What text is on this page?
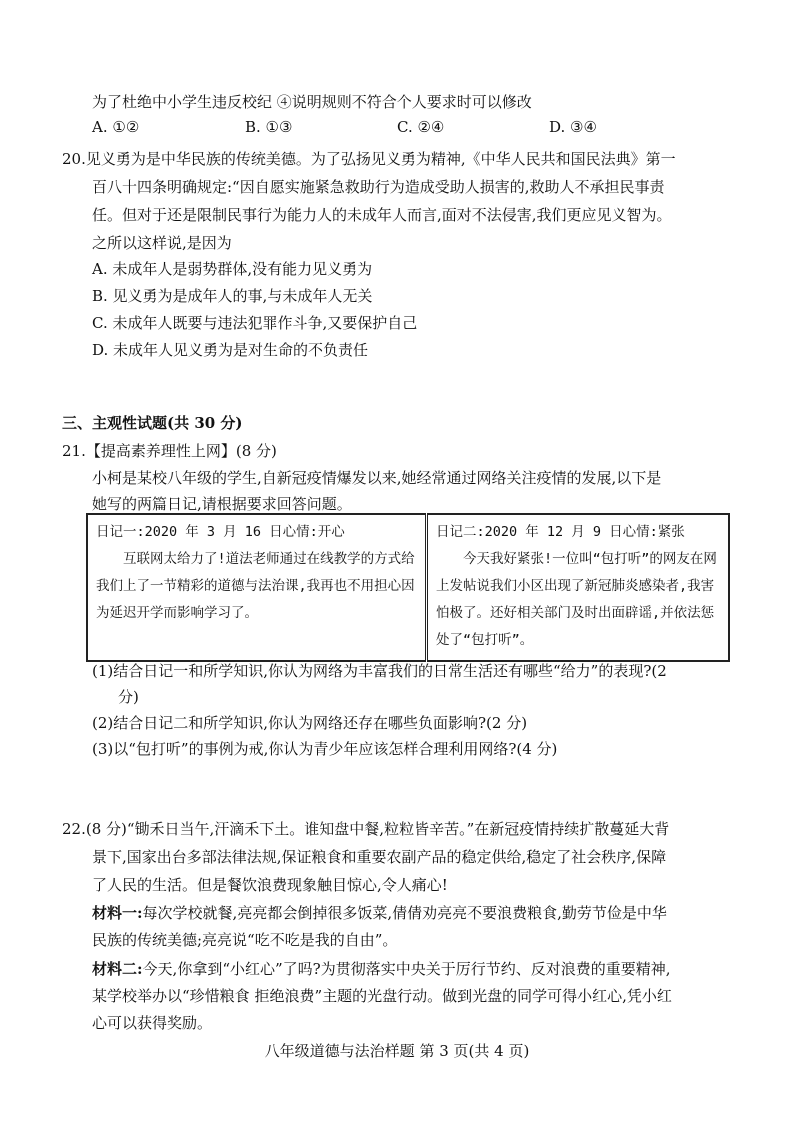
为了杜绝中小学生违反校纪 ④说明规则不符合个人要求时可以修改
A. ①②	B. ①③	C. ②④	D. ③④
20.见义勇为是中华民族的传统美德。为了弘扬见义勇为精神,《中华人民共和国民法典》第一
百八十四条明确规定:“因自愿实施紧急救助行为造成受助人损害的,救助人不承担民事责
任。但对于还是限制民事行为能力人的未成年人而言,面对不法侵害,我们更应见义智为。
之所以这样说,是因为
A. 未成年人是弱势群体,没有能力见义勇为
B. 见义勇为是成年人的事,与未成年人无关
C. 未成年人既要与违法犯罪作斗争,又要保护自己
D. 未成年人见义勇为是对生命的不负责任
三、主观性试题(共 30 分)
21.【提高素养理性上网】(8 分)
小柯是某校八年级的学生,自新冠疫情爆发以来,她经常通过网络关注疫情的发展,以下是
她写的两篇日记,请根据要求回答问题。
日记一:2020 年 3 月 16 日心情:开心
互联网太给力了!道法老师通过在线教学的方式给我们上了一节精彩的道德与法治课,我再也不用担心因为延迟开学而影响学习了。

日记二:2020 年 12 月 9 日心情:紧张
今天我好紧张!一位叫“包打听”的网友在网上发帖说我们小区出现了新冠肺炎感染者,我害怕极了。还好相关部门及时出面辟谣,并依法惩处了“包打听”。
(1)结合日记一和所学知识,你认为网络为丰富我们的日常生活还有哪些“给力”的表现?(2
分)
(2)结合日记二和所学知识,你认为网络还存在哪些负面影响?(2 分)
(3)以“包打听”的事例为戒,你认为青少年应该怎样合理利用网络?(4 分)
22.(8 分)“锄禾日当午,汗滴禾下土。谁知盘中餐,粒粒皆辛苦。”在新冠疫情持续扩散蔓延大背
景下,国家出台多部法律法规,保证粮食和重要农副产品的稳定供给,稳定了社会秩序,保障
了人民的生活。但是餐饮浪费现象触目惊心,令人痛心!
材料一:每次学校就餐,亮亮都会倒掉很多饭菜,倩倩劝亮亮不要浪费粮食,勤劳节俭是中华
民族的传统美德;亮亮说“吃不吃是我的自由”。
材料二:今天,你拿到“小红心”了吗?为贯彻落实中央关于厉行节约、反对浪费的重要精神,
某学校举办以“珍惜粮食 拒绝浪费”主题的光盘行动。做到光盘的同学可得小红心,凭小红
心可以获得奖励。
八年级道德与法治样题 第 3 页(共 4 页)
